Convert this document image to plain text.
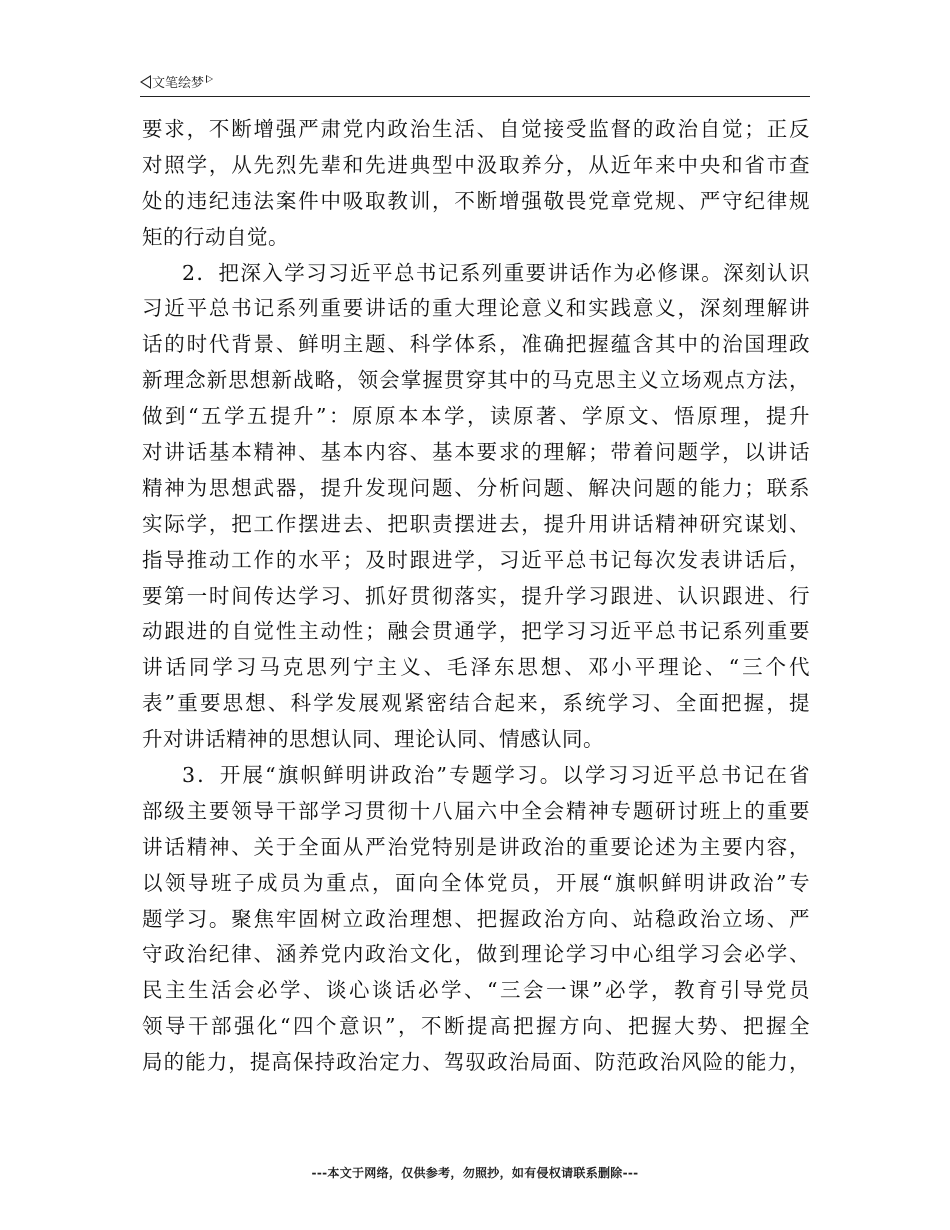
文笔绘梦
要求，不断增强严肃党内政治生活、自觉接受监督的政治自觉；正反
对照学，从先烈先辈和先进典型中汲取养分，从近年来中央和省市查
处的违纪违法案件中吸取教训，不断增强敬畏党章党规、严守纪律规
矩的行动自觉。
2．把深入学习习近平总书记系列重要讲话作为必修课。深刻认识
习近平总书记系列重要讲话的重大理论意义和实践意义，深刻理解讲
话的时代背景、鲜明主题、科学体系，准确把握蕴含其中的治国理政
新理念新思想新战略，领会掌握贯穿其中的马克思主义立场观点方法，
做到“五学五提升”：原原本本学，读原著、学原文、悟原理，提升
对讲话基本精神、基本内容、基本要求的理解；带着问题学，以讲话
精神为思想武器，提升发现问题、分析问题、解决问题的能力；联系
实际学，把工作摆进去、把职责摆进去，提升用讲话精神研究谋划、
指导推动工作的水平；及时跟进学，习近平总书记每次发表讲话后，
要第一时间传达学习、抓好贯彻落实，提升学习跟进、认识跟进、行
动跟进的自觉性主动性；融会贯通学，把学习习近平总书记系列重要
讲话同学习马克思列宁主义、毛泽东思想、邓小平理论、“三个代
表”重要思想、科学发展观紧密结合起来，系统学习、全面把握，提
升对讲话精神的思想认同、理论认同、情感认同。
3．开展“旗帜鲜明讲政治”专题学习。以学习习近平总书记在省
部级主要领导干部学习贯彻十八届六中全会精神专题研讨班上的重要
讲话精神、关于全面从严治党特别是讲政治的重要论述为主要内容，
以领导班子成员为重点，面向全体党员，开展“旗帜鲜明讲政治”专
题学习。聚焦牢固树立政治理想、把握政治方向、站稳政治立场、严
守政治纪律、涵养党内政治文化，做到理论学习中心组学习会必学、
民主生活会必学、谈心谈话必学、“三会一课”必学，教育引导党员
领导干部强化“四个意识”，不断提高把握方向、把握大势、把握全
局的能力，提高保持政治定力、驾驭政治局面、防范政治风险的能力，
---本文于网络，仅供参考，勿照抄，如有侵权请联系删除---
